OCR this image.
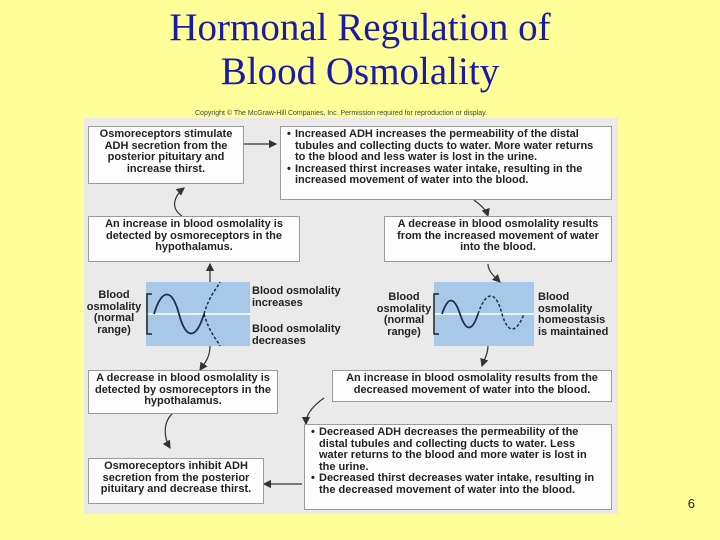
Hormonal Regulation of
Blood Osmolality
Copyright © The McGraw-Hill Companies, Inc. Permission required for reproduction or display.
Osmoreceptors stimulate ADH secretion from the posterior pituitary and increase thirst.
• Increased ADH increases the permeability of the distal tubules and collecting ducts to water. More water returns to the blood and less water is lost in the urine.
• Increased thirst increases water intake, resulting in the increased movement of water into the blood.
An increase in blood osmolality is detected by osmoreceptors in the hypothalamus.
A decrease in blood osmolality results from the increased movement of water into the blood.
Blood osmolality (normal range)
Blood osmolality increases
Blood osmolality decreases
Blood osmolality (normal range)
Blood osmolality homeostasis is maintained
A decrease in blood osmolality is detected by osmoreceptors in the hypothalamus.
An increase in blood osmolality results from the decreased movement of water into the blood.
• Decreased ADH decreases the permeability of the distal tubules and collecting ducts to water. Less water returns to the blood and more water is lost in the urine.
• Decreased thirst decreases water intake, resulting in the decreased movement of water into the blood.
Osmoreceptors inhibit ADH secretion from the posterior pituitary and decrease thirst.
6
